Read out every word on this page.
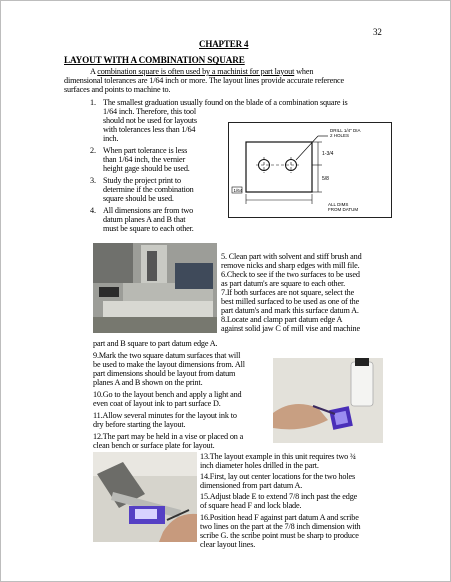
32
CHAPTER 4
LAYOUT WITH A COMBINATION SQUARE
A combination square is often used by a machinist for part layout when
dimensional tolerances are 1/64 inch or more. The layout lines provide accurate reference
surfaces and points to machine to.
1. The smallest graduation usually found on the blade of a combination square is
1/64 inch. Therefore, this tool
should not be used for layouts
with tolerances less than 1/64
inch.
2. When part tolerance is less
than 1/64 inch, the vernier
height gage should be used.
3. Study the project print to
determine if the combination
square should be used.
4. All dimensions are from two
datum planes A and B that
must be square to each other.
DRILL 1/4" DIA 2 HOLES
1-3/4
5/8
1/64
ALL DIMS FROM DATUM
5. Clean part with solvent and stiff brush and
remove nicks and sharp edges with mill file.
6.Check to see if the two surfaces to be used
as part datum's are square to each other.
7.If both surfaces are not square, select the
best milled surfaced to be used as one of the
part datum's and mark this surface datum A.
8.Locate and clamp part datum edge A
against solid jaw C of mill vise and machine
part and B square to part datum edge A.
9.Mark the two square datum surfaces that will
be used to make the layout dimensions from. All
part dimensions should be layout from datum
planes A and B shown on the print.
10.Go to the layout bench and apply a light and
even coat of layout ink to part surface D.
11.Allow several minutes for the layout ink to
dry before starting the layout.
12.The part may be held in a vise or placed on a
clean bench or surface plate for layout.
13.The layout example in this unit requires two ¾
inch diameter holes drilled in the part.
14.First, lay out center locations for the two holes
dimensioned from part datum A.
15.Adjust blade E to extend 7/8 inch past the edge
of square head F and lock blade.
16.Position head F against part datum A and scribe
two lines on the part at the 7/8 inch dimension with
scribe G. the scribe point must be sharp to produce
clear layout lines.
